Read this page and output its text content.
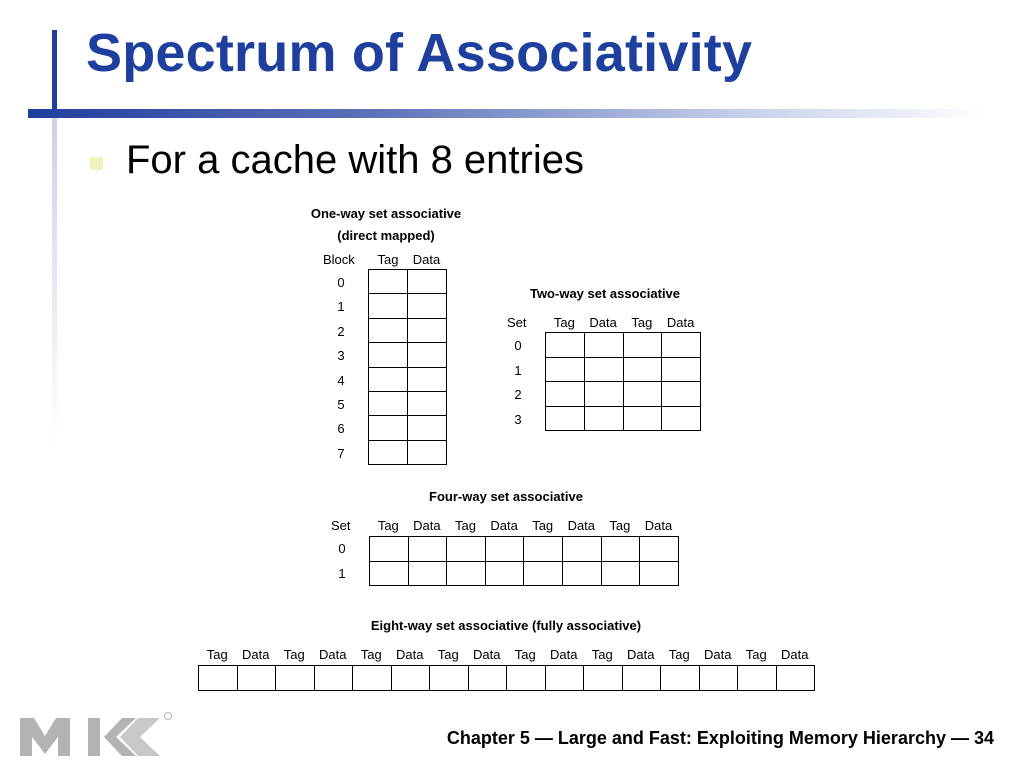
Spectrum of Associativity
For a cache with 8 entries
One-way set associative
(direct mapped)
Block	Tag	Data
0
1
2
3
4
5
6
7
Two-way set associative
Set	Tag	Data	Tag	Data
0
1
2
3
Four-way set associative
Set	Tag	Data	Tag	Data	Tag	Data	Tag	Data
0
1
Eight-way set associative (fully associative)
Tag	Data	Tag	Data	Tag	Data	Tag	Data	Tag	Data	Tag	Data	Tag	Data	Tag	Data
Chapter 5 — Large and Fast: Exploiting Memory Hierarchy — 34
